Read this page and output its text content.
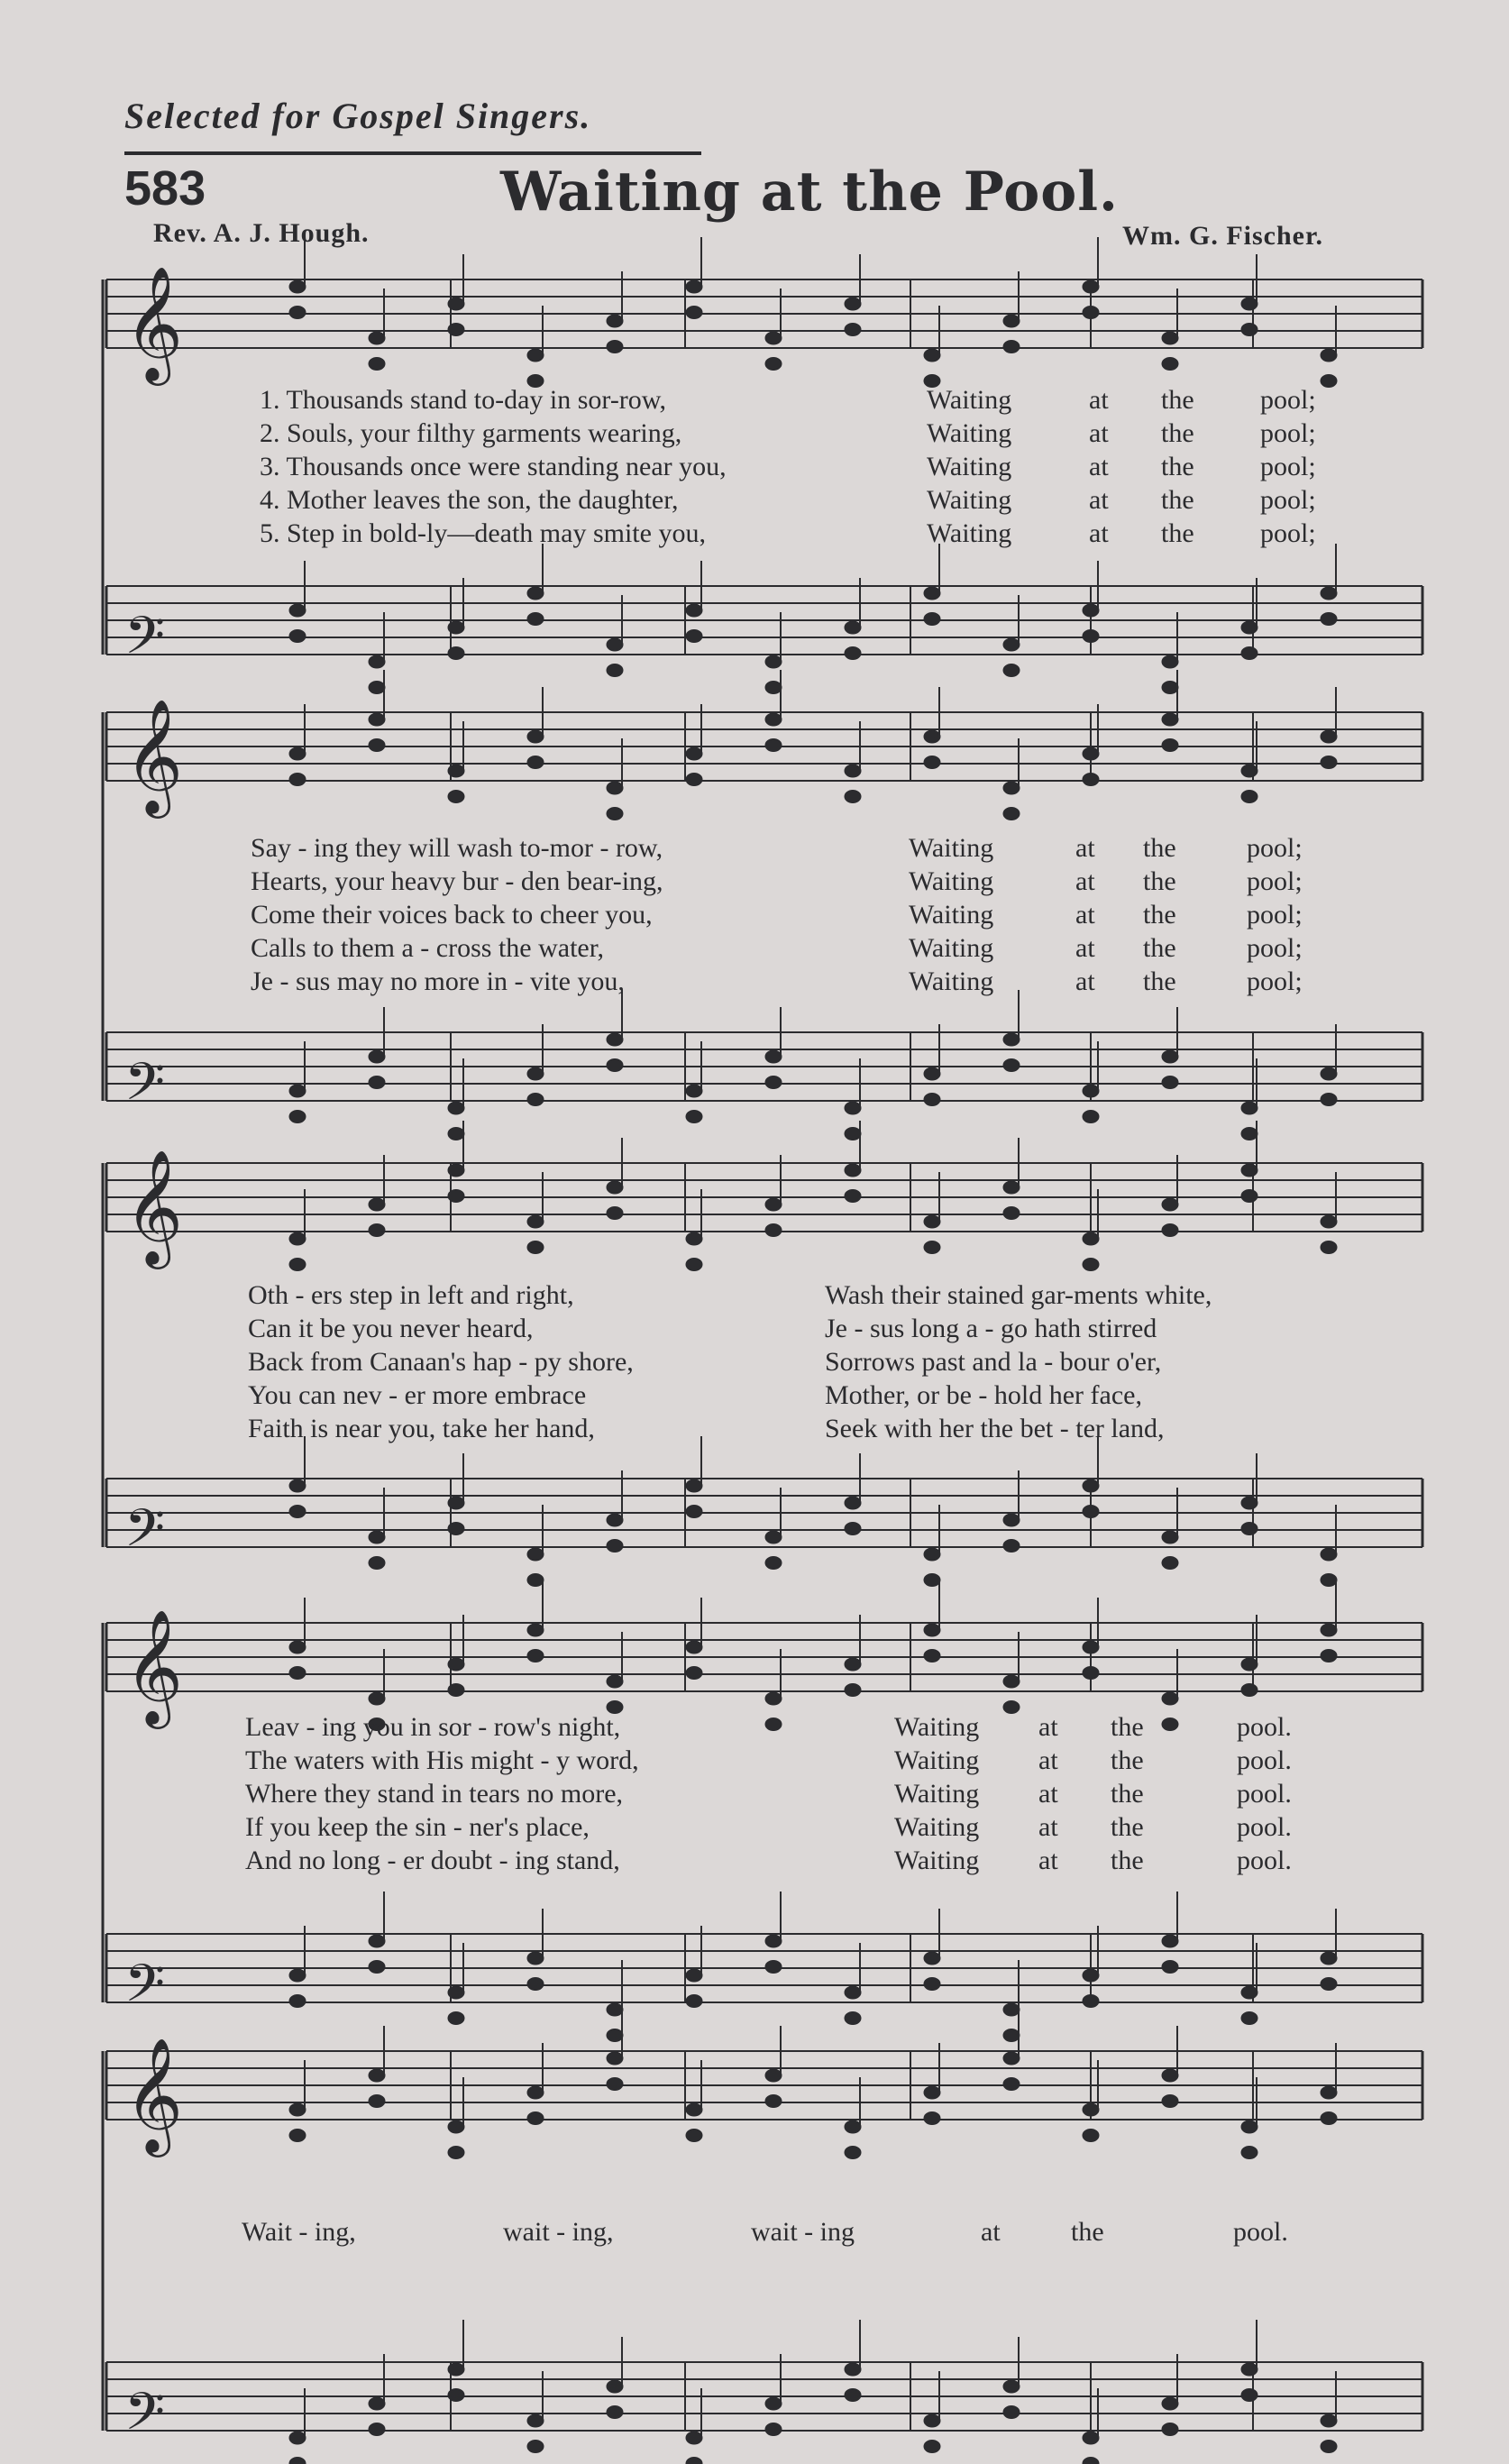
Selected for Gospel Singers.
583	Waiting at the Pool.
Rev. A. J. Hough.	Wm. G. Fischer.
𝄞
𝄢
𝄞
𝄢
𝄞
𝄢
𝄞
𝄢
𝄞
𝄢
1. Thousands stand to-day in sor-row,	Waiting	at the pool;
2. Souls, your filthy garments wearing,	Waiting	at the pool;
3. Thousands once were standing near you,	Waiting	at the pool;
4. Mother leaves the son, the daughter,	Waiting	at the pool;
5. Step in bold-ly—death may smite you,	Waiting	at the pool;
Say - ing they will wash to-mor - row,	Waiting	at the	pool;
Hearts, your heavy bur - den bear-ing,	Waiting	at the	pool;
Come their voices back to cheer you,	Waiting	at the	pool;
Calls to them a - cross the water,	Waiting	at the	pool;
Je - sus may no more in - vite you,	Waiting	at the	pool;
Oth - ers step in left and right,	Wash their stained gar-ments white,
Can it be you never heard,	Je - sus long a - go hath stirred
Back from Canaan's hap - py shore,	Sorrows past and la - bour o'er,
You can nev - er more embrace	Mother, or be - hold her face,
Faith is near you, take her hand,	Seek with her the bet - ter land,
Leav - ing you in sor - row's night,	Waiting at the	pool.
The waters with His might - y word,	Waiting at the	pool.
Where they stand in tears no more,	Waiting at the	pool.
If you keep the sin - ner's place,	Waiting at the	pool.
And no long - er doubt - ing stand,	Waiting at the	pool.
Wait - ing,	wait - ing,	wait - ing	at	the	pool.
